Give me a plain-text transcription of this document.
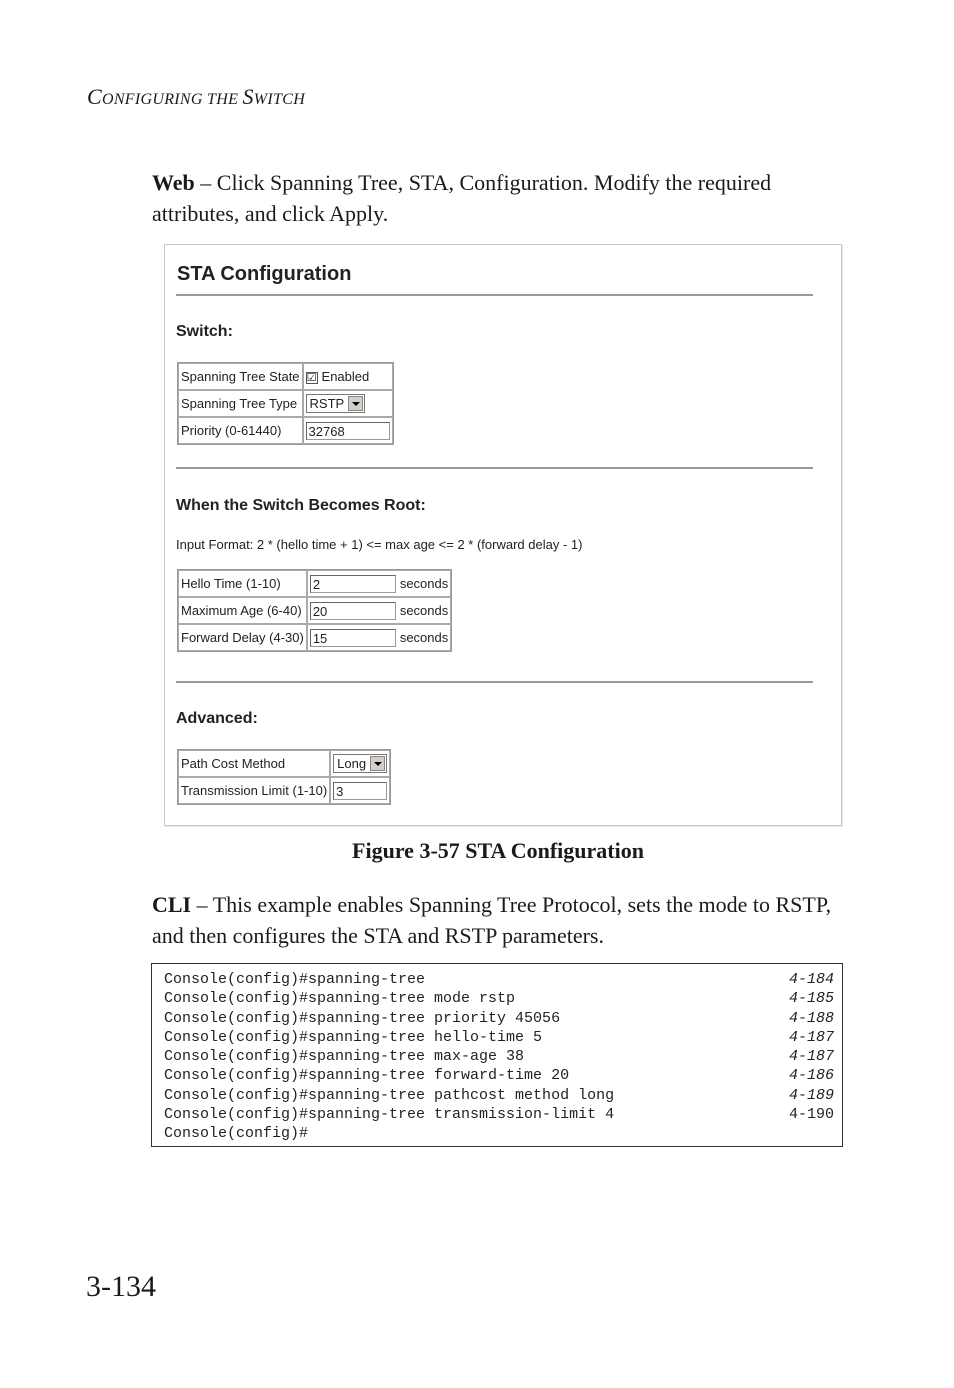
CONFIGURING THE SWITCH
Web – Click Spanning Tree, STA, Configuration. Modify the required attributes, and click Apply.
STA Configuration
Switch:
Spanning Tree State	☑ Enabled
Spanning Tree Type	RSTP

Priority (0-61440)	32768
When the Switch Becomes Root:
Input Format: 2 * (hello time + 1) <= max age <= 2 * (forward delay - 1)
Hello Time (1-10)	2 seconds
Maximum Age (6-40)	20 seconds
Forward Delay (4-30)	15 seconds
Advanced:
Path Cost Method	Long

Transmission Limit (1-10)	3
Figure 3-57 STA Configuration
CLI – This example enables Spanning Tree Protocol, sets the mode to RSTP, and then configures the STA and RSTP parameters.
Console(config)#spanning-tree	4-184
Console(config)#spanning-tree mode rstp	4-185
Console(config)#spanning-tree priority 45056	4-188
Console(config)#spanning-tree hello-time 5	4-187
Console(config)#spanning-tree max-age 38	4-187
Console(config)#spanning-tree forward-time 20	4-186
Console(config)#spanning-tree pathcost method long	4-189
Console(config)#spanning-tree transmission-limit 4	4-190
Console(config)#
3-134
